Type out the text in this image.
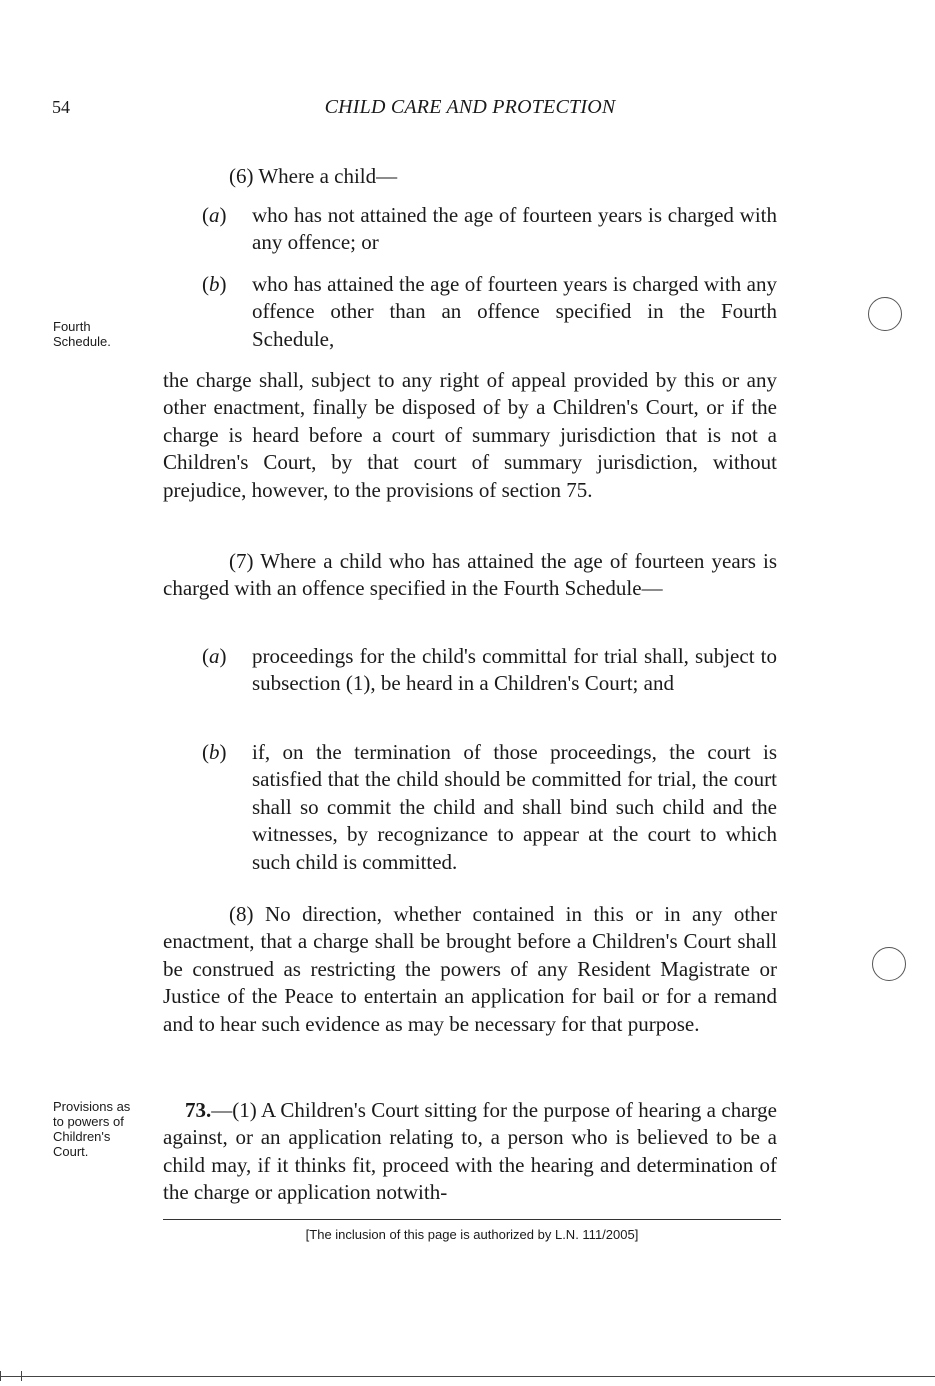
54	CHILD CARE AND PROTECTION
(6) Where a child—
(a)	who has not attained the age of fourteen years is charged with any offence; or
(b)	who has attained the age of fourteen years is charged with any offence other than an offence specified in the Fourth Schedule,
Fourth
Schedule.
the charge shall, subject to any right of appeal provided by this or any other enactment, finally be disposed of by a Children's Court, or if the charge is heard before a court of summary jurisdiction that is not a Children's Court, by that court of summary jurisdiction, without prejudice, however, to the provisions of section 75.
(7) Where a child who has attained the age of fourteen years is charged with an offence specified in the Fourth Schedule—
(a)	proceedings for the child's committal for trial shall, subject to subsection (1), be heard in a Children's Court; and
(b)	if, on the termination of those proceedings, the court is satisfied that the child should be committed for trial, the court shall so commit the child and shall bind such child and the witnesses, by recognizance to appear at the court to which such child is committed.
(8) No direction, whether contained in this or in any other enactment, that a charge shall be brought before a Children's Court shall be construed as restricting the powers of any Resident Magistrate or Justice of the Peace to entertain an application for bail or for a remand and to hear such evidence as may be necessary for that purpose.
Provisions as
to powers of
Children's
Court.
73.—(1) A Children's Court sitting for the purpose of hearing a charge against, or an application relating to, a person who is believed to be a child may, if it thinks fit, proceed with the hearing and determination of the charge or application notwith-
[The inclusion of this page is authorized by L.N. 111/2005]
